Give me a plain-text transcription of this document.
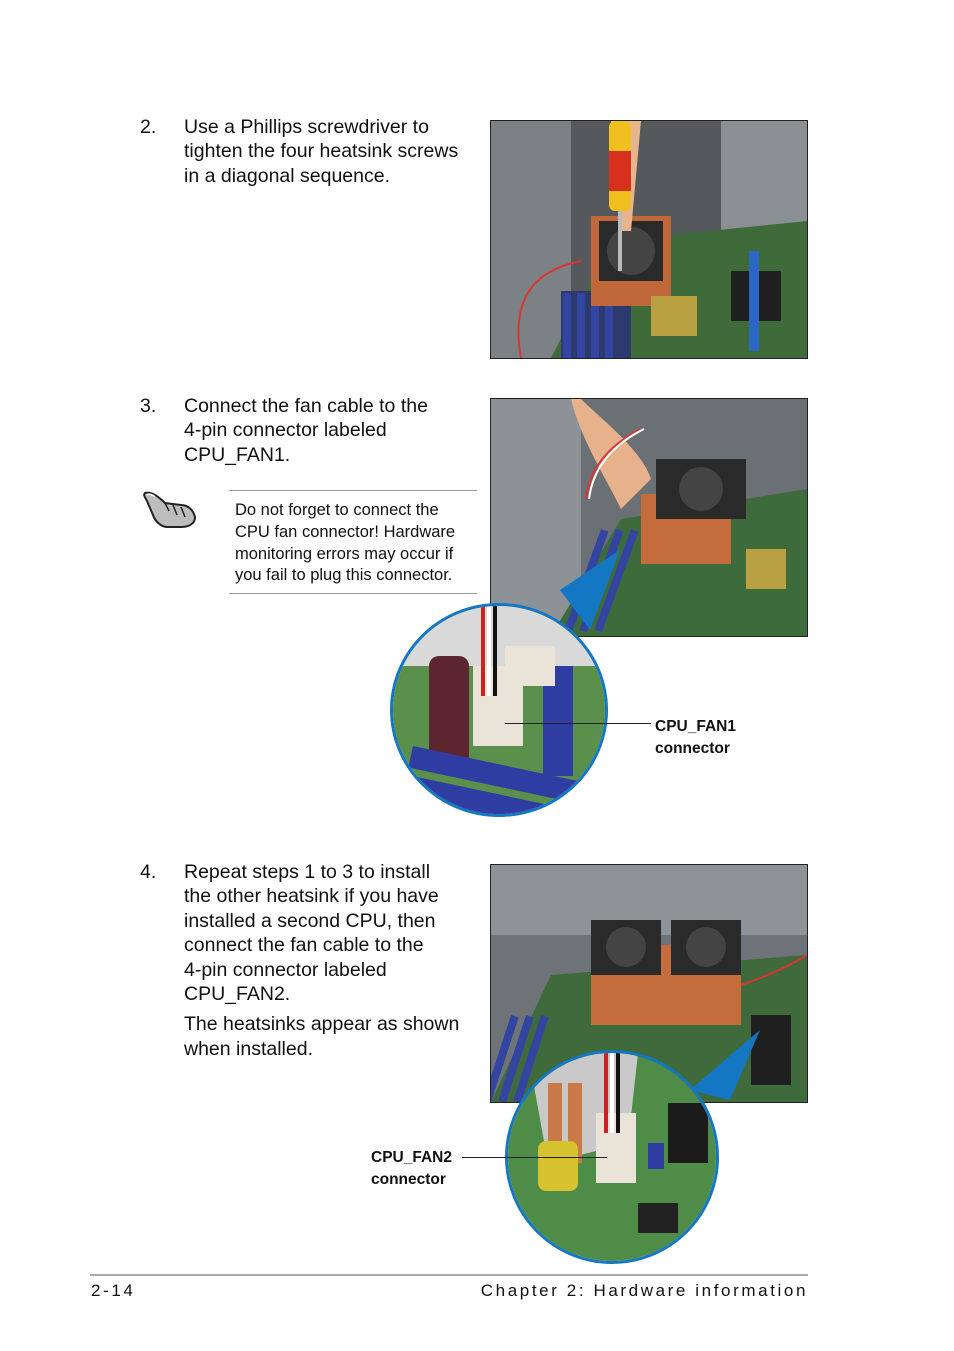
2. Use a Phillips screwdriver to
tighten the four heatsink screws
in a diagonal sequence.
3. Connect the fan cable to the
4-pin connector labeled
CPU_FAN1.
Do not forget to connect the
CPU fan connector! Hardware
monitoring errors may occur if
you fail to plug this connector.
CPU_FAN1
connector
4. Repeat steps 1 to 3 to install
the other heatsink if you have
installed a second CPU, then
connect the fan cable to the
4-pin connector labeled
CPU_FAN2.
The heatsinks appear as shown
when installed.
CPU_FAN2
connector
2-14	Chapter 2: Hardware information
